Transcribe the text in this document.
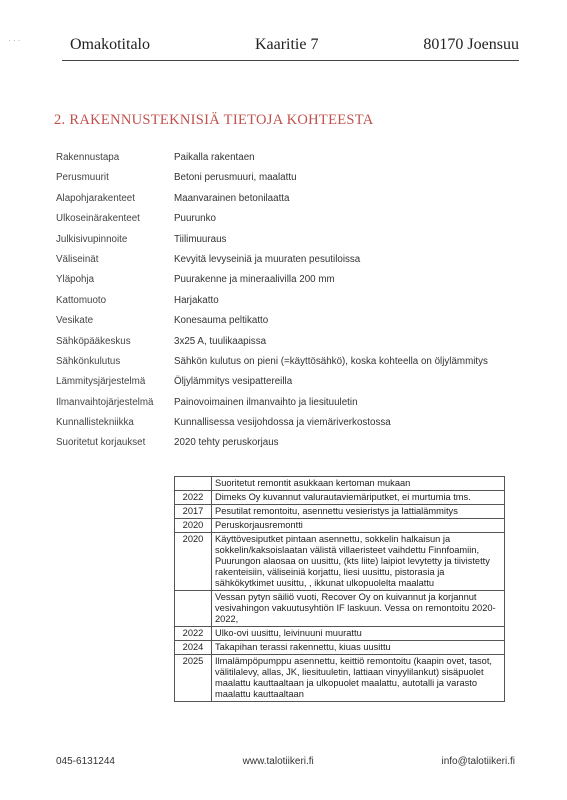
· · ·	Omakotitalo	Kaaritie 7	80170 Joensuu
2. RAKENNUSTEKNISIÄ TIETOJA KOHTEESTA
Rakennustapa	Paikalla rakentaen
Perusmuurit	Betoni perusmuuri, maalattu
Alapohjarakenteet	Maanvarainen betonilaatta
Ulkoseinärakenteet	Puurunko
Julkisivupinnoite	Tiilimuuraus
Väliseinät	Kevyitä levyseiniä ja muuraten pesutiloissa
Yläpohja	Puurakenne ja mineraalivilla 200 mm
Kattomuoto	Harjakatto
Vesikate	Konesauma peltikatto
Sähköpääkeskus	3x25 A, tuulikaapissa
Sähkönkulutus	Sähkön kulutus on pieni (=käyttösähkö), koska kohteella on öljylämmitys
Lämmitysjärjestelmä	Öljylämmitys vesipattereilla
Ilmanvaihtojärjestelmä	Painovoimainen ilmanvaihto ja liesituuletin
Kunnallistekniikka	Kunnallisessa vesijohdossa ja viemäriverkostossa
Suoritetut korjaukset	2020 tehty peruskorjaus
	Suoritetut remontit asukkaan kertoman mukaan
2022	Dimeks Oy kuvannut valurautaviemäriputket, ei murtumia tms.
2017	Pesutilat remontoitu, asennettu vesieristys ja lattialämmitys
2020	Peruskorjausremontti
2020	Käyttövesiputket pintaan asennettu, sokkelin halkaisun ja sokkelin/kaksoislaatan välistä villaeristeet vaihdettu Finnfoamiin, Puurungon alaosaa on uusittu, (kts liite) laipiot levytetty ja tiivistetty rakenteisiin, väliseiniä korjattu, liesi uusittu, pistorasia ja sähkökytkimet uusittu, , ikkunat ulkopuolelta maalattu
	Vessan pytyn säiliö vuoti, Recover Oy on kuivannut ja korjannut vesivahingon vakuutusyhtiön IF laskuun. Vessa on remontoitu 2020-2022,
2022	Ulko-ovi uusittu, leivinuuni muurattu
2024	Takapihan terassi rakennettu, kiuas uusittu
2025	Ilmalämpöpumppu asennettu, keittiö remontoitu (kaapin ovet, tasot, välitilalevy, allas, JK, liesituuletin, lattiaan vinyylilankut) sisäpuolet maalattu kauttaaltaan ja ulkopuolet maalattu, autotalli ja varasto maalattu kauttaaltaan
045-6131244	www.talotiikeri.fi	info@talotiikeri.fi
